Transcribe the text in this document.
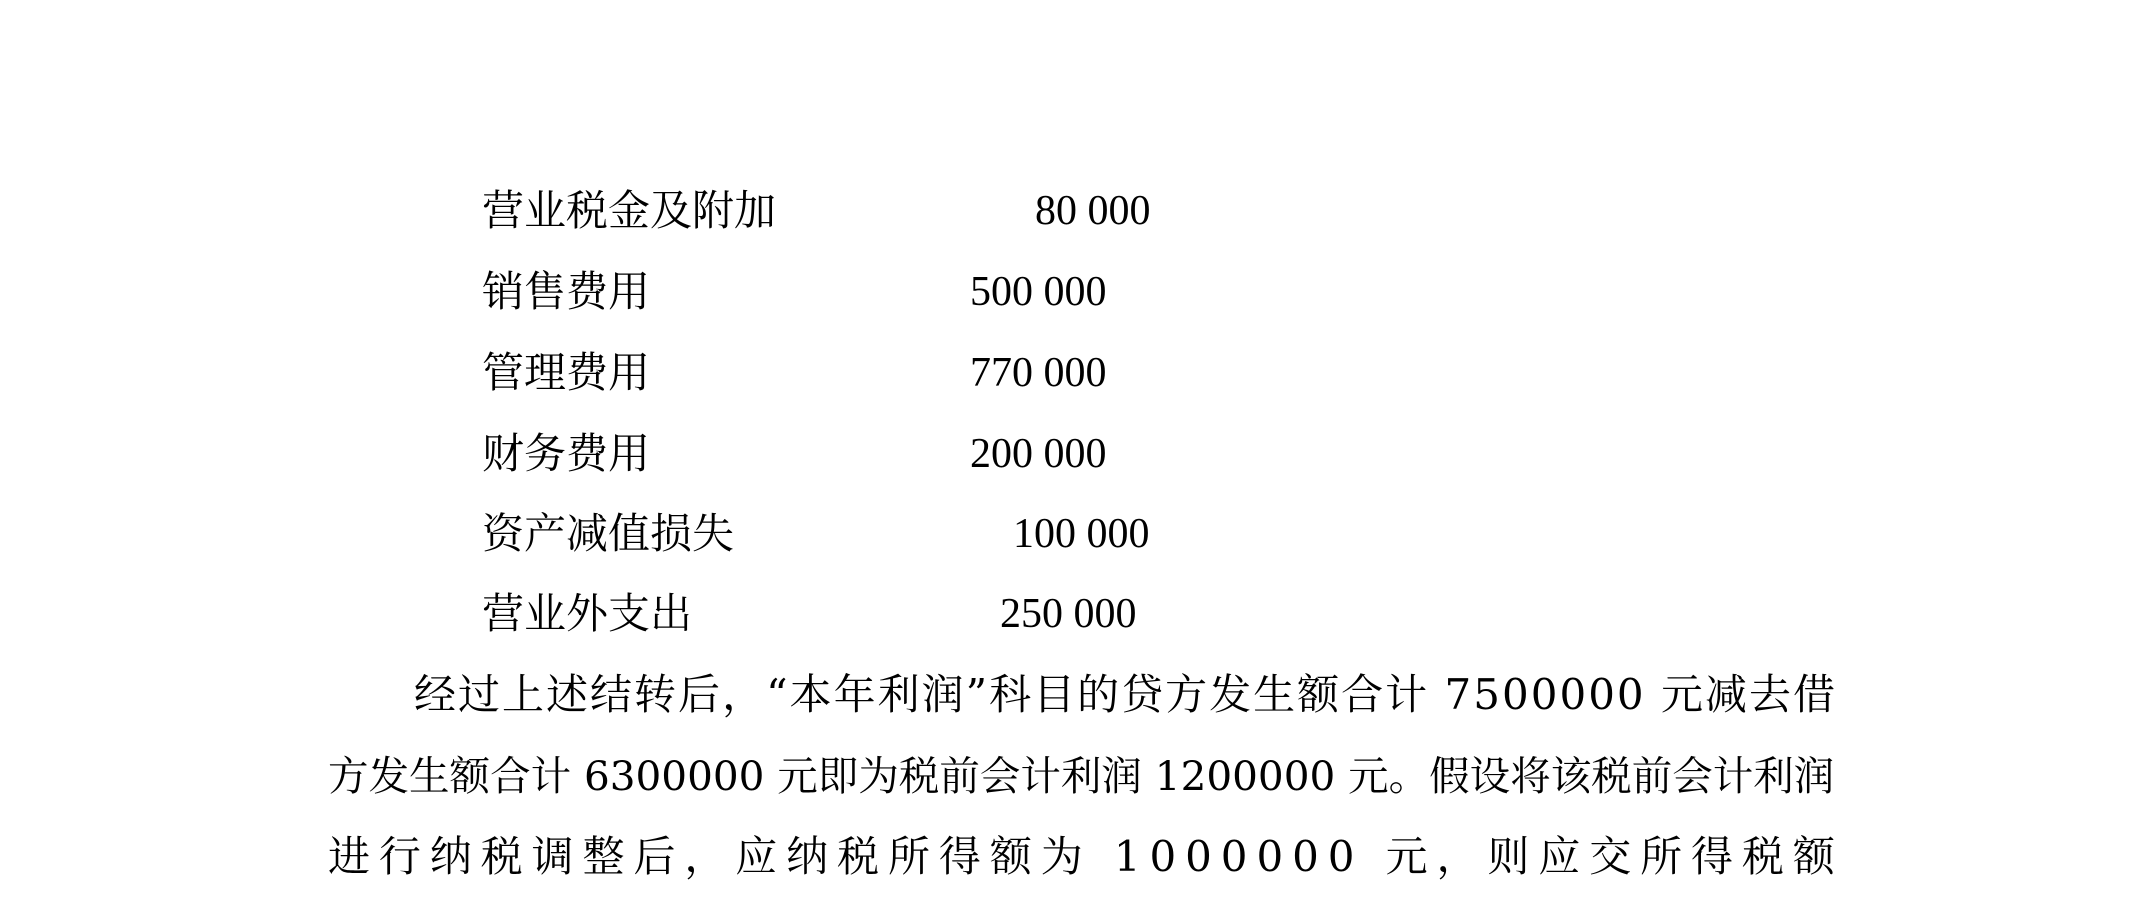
营业税金及附加	80 000
销售费用	500 000
管理费用	770 000
财务费用	200 000
资产减值损失	100 000
营业外支出	250 000
经过上述结转后，“本年利润”科目的贷方发生额合计 7500000 元减去借
方发生额合计 6300000 元即为税前会计利润 1200000 元。假设将该税前会计利润
进行纳税调整后，应纳税所得额为 1000000 元，则应交所得税额
